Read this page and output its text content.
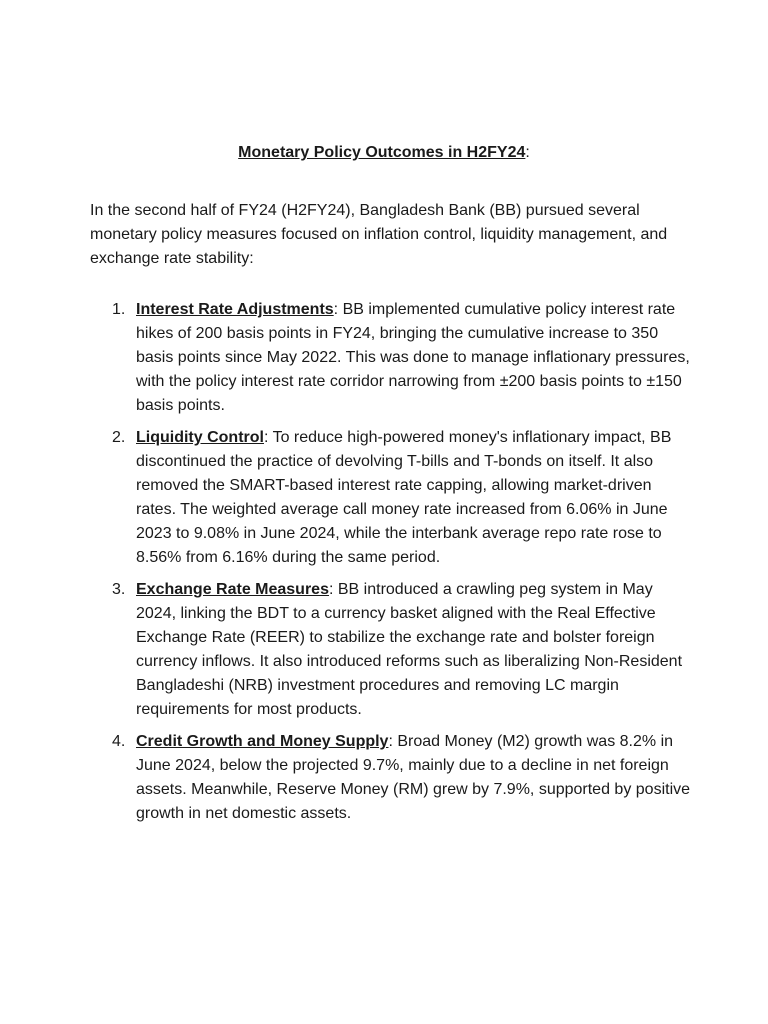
Monetary Policy Outcomes in H2FY24:

In the second half of FY24 (H2FY24), Bangladesh Bank (BB) pursued several monetary policy measures focused on inflation control, liquidity management, and exchange rate stability:

1. Interest Rate Adjustments: BB implemented cumulative policy interest rate hikes of 200 basis points in FY24, bringing the cumulative increase to 350 basis points since May 2022. This was done to manage inflationary pressures, with the policy interest rate corridor narrowing from ±200 basis points to ±150 basis points.
2. Liquidity Control: To reduce high-powered money's inflationary impact, BB discontinued the practice of devolving T-bills and T-bonds on itself. It also removed the SMART-based interest rate capping, allowing market-driven rates. The weighted average call money rate increased from 6.06% in June 2023 to 9.08% in June 2024, while the interbank average repo rate rose to 8.56% from 6.16% during the same period.
3. Exchange Rate Measures: BB introduced a crawling peg system in May 2024, linking the BDT to a currency basket aligned with the Real Effective Exchange Rate (REER) to stabilize the exchange rate and bolster foreign currency inflows. It also introduced reforms such as liberalizing Non-Resident Bangladeshi (NRB) investment procedures and removing LC margin requirements for most products.
4. Credit Growth and Money Supply: Broad Money (M2) growth was 8.2% in June 2024, below the projected 9.7%, mainly due to a decline in net foreign assets. Meanwhile, Reserve Money (RM) grew by 7.9%, supported by positive growth in net domestic assets.
